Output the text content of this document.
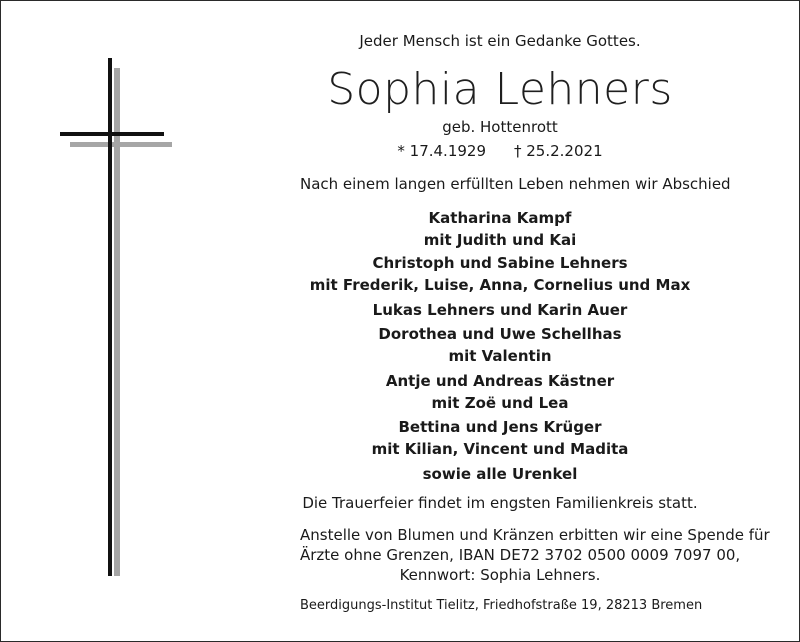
Jeder Mensch ist ein Gedanke Gottes.
Sophia Lehners
geb. Hottenrott
* 17.4.1929 † 25.2.2021
Nach einem langen erfüllten Leben nehmen wir Abschied
Katharina Kampf
mit Judith und Kai
Christoph und Sabine Lehners
mit Frederik, Luise, Anna, Cornelius und Max
Lukas Lehners und Karin Auer
Dorothea und Uwe Schellhas
mit Valentin
Antje und Andreas Kästner
mit Zoë und Lea
Bettina und Jens Krüger
mit Kilian, Vincent und Madita
sowie alle Urenkel
Die Trauerfeier findet im engsten Familienkreis statt.
Anstelle von Blumen und Kränzen erbitten wir eine Spende für
Ärzte ohne Grenzen, IBAN DE72 3702 0500 0009 7097 00,
Kennwort: Sophia Lehners.
Beerdigungs-Institut Tielitz, Friedhofstraße 19, 28213 Bremen
